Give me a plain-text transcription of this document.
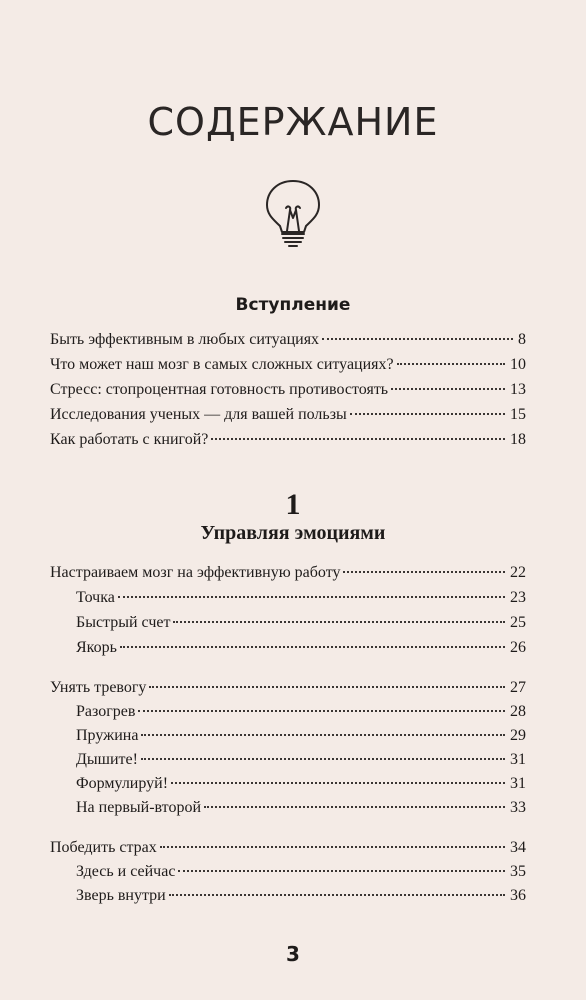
СОДЕРЖАНИЕ
Вступление
Быть эффективным в любых ситуациях	8
Что может наш мозг в самых сложных ситуациях?	10
Стресс: стопроцентная готовность противостоять	13
Исследования ученых — для вашей пользы	15
Как работать с книгой?	18
1
Управляя эмоциями
Настраиваем мозг на эффективную работу	22
Точка	23
Быстрый счет	25
Якорь	26
Унять тревогу	27
Разогрев	28
Пружина	29
Дышите!	31
Формулируй!	31
На первый-второй	33
Победить страх	34
Здесь и сейчас	35
Зверь внутри	36
3
